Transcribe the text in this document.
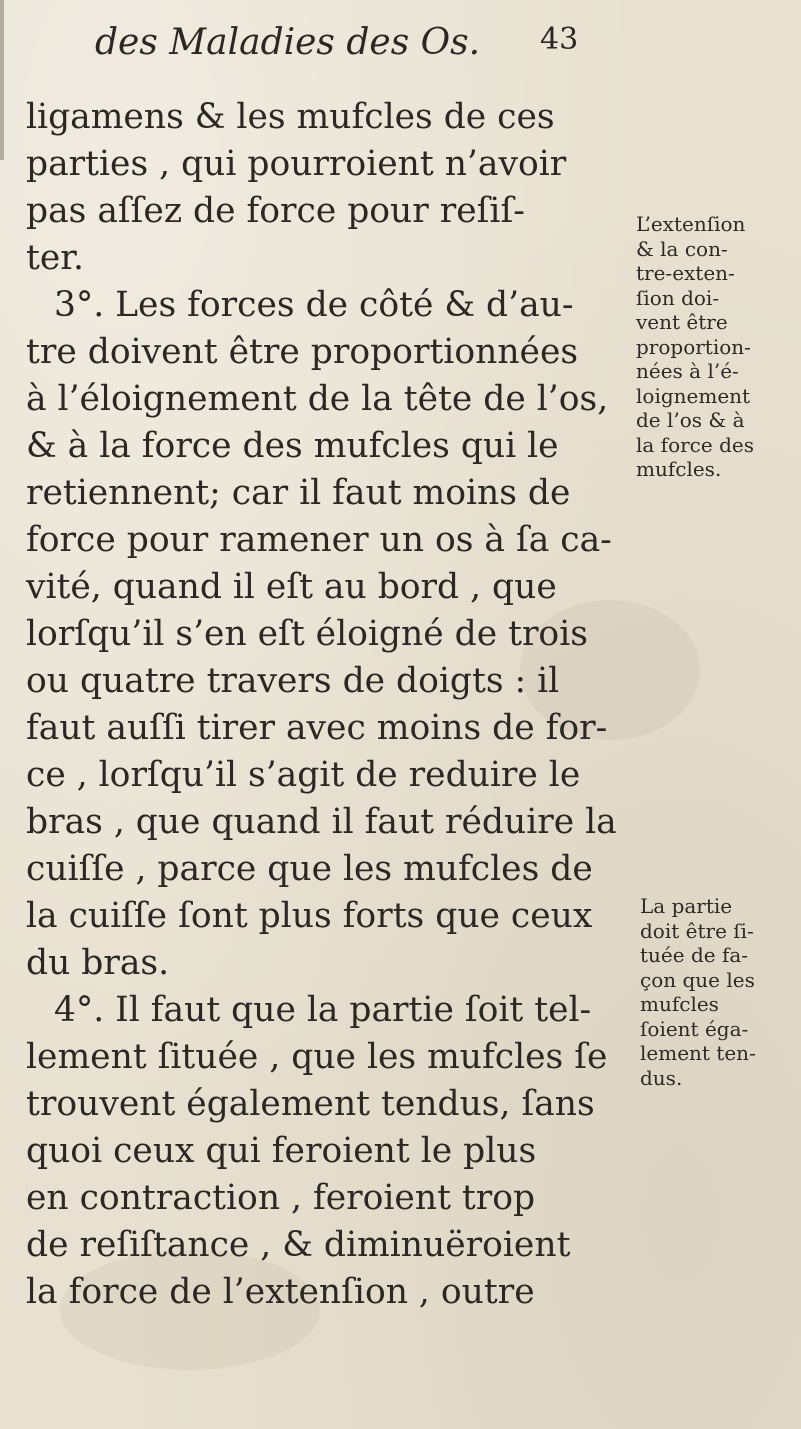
des Maladies des Os. 43
ligamens & les mufcles de ces
parties , qui pourroient n’avoir
pas aſſez de force pour reſiſ-
ter.
3°. Les forces de côté & d’au-
tre doivent être proportionnées
à l’éloignement de la tête de l’os,
& à la force des mufcles qui le
retiennent; car il faut moins de
force pour ramener un os à ſa ca-
vité, quand il eſt au bord , que
lorſqu’il s’en eſt éloigné de trois
ou quatre travers de doigts : il
faut auſſi tirer avec moins de for-
ce , lorſqu’il s’agit de reduire le
bras , que quand il faut réduire la
cuiſſe , parce que les mufcles de
la cuiſſe ſont plus forts que ceux
du bras.
4°. Il faut que la partie ſoit tel-
lement ſituée , que les mufcles ſe
trouvent également tendus, ſans
quoi ceux qui feroient le plus
en contraction , feroient trop
de reſiſtance , & diminuëroient
la force de l’extenſion , outre
L’extenſion
& la con-
tre-exten-
ſion doi-
vent être
proportion-
nées à l’é-
loignement
de l’os & à
la force des
mufcles.
La partie
doit être ſi-
tuée de fa-
çon que les
mufcles
ſoient éga-
lement ten-
dus.
